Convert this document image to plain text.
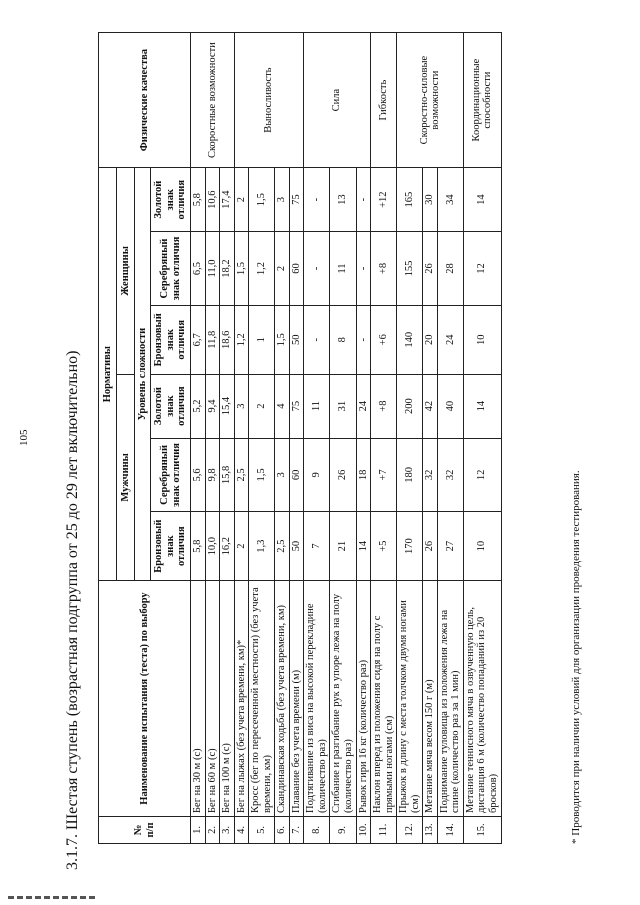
105 3.1.7. Шестая ступень (возрастная подгруппа от 25 до 29 лет включительно)	№ п/п	Наименование испытания (теста) по выбору	Нормативы						Физические качества
		Мужчины			Женщины			
		Уровень сложности						
		Бронзовый знак отличия	Серебряный знак отличия	Золотой знак отличия	Бронзовый знак отличия	Серебряный знак отличия	Золотой знак отличия	
1.	Бег на 30 м (с)	5,8	5,6	5,2	6,7	6,5	5,8	Скоростные возможности
2.	Бег на 60 м (с)	10,0	9,8	9,4	11,8	11,0	10,6	
3.	Бег на 100 м (с)	16,2	15,8	15,4	18,6	18,2	17,4	
4.	Бег на лыжах (без учета времени, км)*	2	2,5	3	1,2	1,5	2	Выносливость
5.	Кросс (бег по пересеченной местности) (без учета времени, км)	1,3	1,5	2	1	1,2	1,5	
6.	Скандинавская ходьба (без учета времени, км)	2,5	3	4	1,5	2	3	
7.	Плавание без учета времени (м)	50	60	75	50	60	75	
8.	Подтягивание из виса на высокой перекладине (количество раз)	7	9	11	-	-	-	Сила
9.	Сгибание и разгибание рук в упоре лежа на полу (количество раз)	21	26	31	8	11	13	
10.	Рывок гири 16 кг (количество раз)	14	18	24	-	-	-	
11.	Наклон вперед из положения сидя на полу с прямыми ногами (см)	+5	+7	+8	+6	+8	+12	Гибкость
12.	Прыжок в длину с места толчком двумя ногами (см)	170	180	200	140	155	165	Скоростно-силовые возможности
13.	Метание мяча весом 150 г (м)	26	32	42	20	26	30	
14.	Поднимание туловища из положения лежа на спине (количество раз за 1 мин)	27	32	40	24	28	34	
15.	Метание теннисного мяча в озвученную цель, дистанция 6 м (количество попаданий из 20 бросков)	10	12	14	10	12	14	Координационные способности
* Проводится при наличии условий для организации проведения тестирования.
